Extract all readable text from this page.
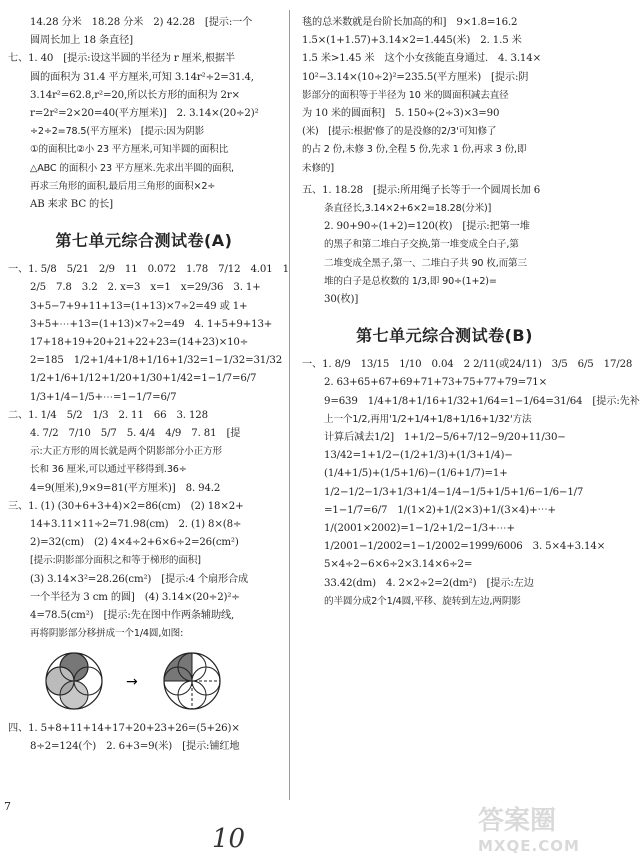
14.28 分米　18.28 分米　2) 42.28　[提示:一个
圆周长加上 18 条直径]
七、1. 40　[提示:设这半圆的半径为 r 厘米,根据半
圆的面积为 31.4 平方厘米,可知 3.14r²÷2=31.4,
3.14r²=62.8,r²=20,所以长方形的面积为 2r×
r=2r²=2×20=40(平方厘米)]　2. 3.14×(20÷2)²
÷2÷2=78.5(平方厘米)　[提示:因为阴影
①的面积比②小 23 平方厘米,可知半圆的面积比
△ABC 的面积小 23 平方厘米.先求出半圆的面积,
再求三角形的面积,最后用三角形的面积×2÷
AB 来求 BC 的长]
第七单元综合测试卷(A)
一、1. 5/8　5/21　2/9　11　0.072　1.78　7/12　4.01　1
2/5　7.8　3.2　2. x=3　x=1　x=29/36　3. 1+
3+5−7+9+11+13=(1+13)×7÷2=49 或 1+
3+5+⋯+13=(1+13)×7÷2=49　4. 1+5+9+13+
17+18+19+20+21+22+23=(14+23)×10÷
2=185　1/2+1/4+1/8+1/16+1/32=1−1/32=31/32
1/2+1/6+1/12+1/20+1/30+1/42=1−1/7=6/7
1/3+1/4−1/5+⋯=1−1/7=6/7
二、1. 1/4　5/2　1/3　2. 11　66　3. 128
4. 7/2　7/10　5/7　5. 4/4　4/9　7. 81　[提
示:大正方形的周长就是两个阴影部分小正方形
长和 36 厘米,可以通过平移得到.36÷
4=9(厘米),9×9=81(平方厘米)]　8. 94.2
三、1. (1) (30+6+3+4)×2=86(cm)　(2) 18×2+
14+3.11×11÷2=71.98(cm)　2. (1) 8×(8÷
2)=32(cm)　(2) 4×4÷2+6×6÷2=26(cm²)
[提示:阴影部分面积之和等于梯形的面积]
(3) 3.14×3²=28.26(cm²)　[提示:4 个扇形合成
一个半径为 3 cm 的圆]　(4) 3.14×(20÷2)²÷
4=78.5(cm²)　[提示:先在图中作两条辅助线,
再将阴影部分移拼成一个1/4圆,如图:
→
四、1. 5+8+11+14+17+20+23+26=(5+26)×
8÷2=124(个)　2. 6+3=9(米)　[提示:铺红地
毯的总米数就是台阶长加高的和]　9×1.8=16.2
1.5×(1+1.57)+3.14×2=1.445(米)　2. 1.5 米
1.5 米>1.45 米　这个小女孩能直身通过.　4. 3.14×
10²−3.14×(10÷2)²=235.5(平方厘米)　[提示:阴
影部分的面积等于半径为 10 米的圆面积减去直径
为 10 米的圆面积]　5. 150÷(2÷3)×3=90
(米)　[提示:根据'修了的是没修的2/3'可知修了
的占 2 份,未修 3 份,全程 5 份,先求 1 份,再求 3 份,即
未修的]
五、1. 18.28　[提示:所用绳子长等于一个圆周长加 6
条直径长,3.14×2+6×2=18.28(分米)]
2. 90+90÷(1+2)=120(枚)　[提示:把第一堆
的黑子和第二堆白子交换,第一堆变成全白子,第
二堆变成全黑子,第一、二堆白子共 90 枚,而第三
堆的白子是总枚数的 1/3,即 90÷(1+2)=
30(枚)]
第七单元综合测试卷(B)
一、1. 8/9　13/15　1/10　0.04　2 2/11(或24/11)　3/5　6/5　17/28
2. 63+65+67+69+71+73+75+77+79=71×
9=639　1/4+1/8+1/16+1/32+1/64=1−1/64=31/64　[提示:先补
上一个1/2,再用'1/2+1/4+1/8+1/16+1/32'方法
计算后减去1/2]　1+1/2−5/6+7/12−9/20+11/30−
13/42=1+1/2−(1/2+1/3)+(1/3+1/4)−
(1/4+1/5)+(1/5+1/6)−(1/6+1/7)=1+
1/2−1/2−1/3+1/3+1/4−1/4−1/5+1/5+1/6−1/6−1/7
=1−1/7=6/7　1/(1×2)+1/(2×3)+1/(3×4)+⋯+
1/(2001×2002)=1−1/2+1/2−1/3+⋯+
1/2001−1/2002=1−1/2002=1999/6006　3. 5×4+3.14×
5×4÷2−6×6÷2×3.14×6÷2=
33.42(dm)　4. 2×2÷2=2(dm²)　[提示:左边
的半圆分成2个1/4圆,平移、旋转到左边,两阴影
7
10
答案圈
MXQE.COM
